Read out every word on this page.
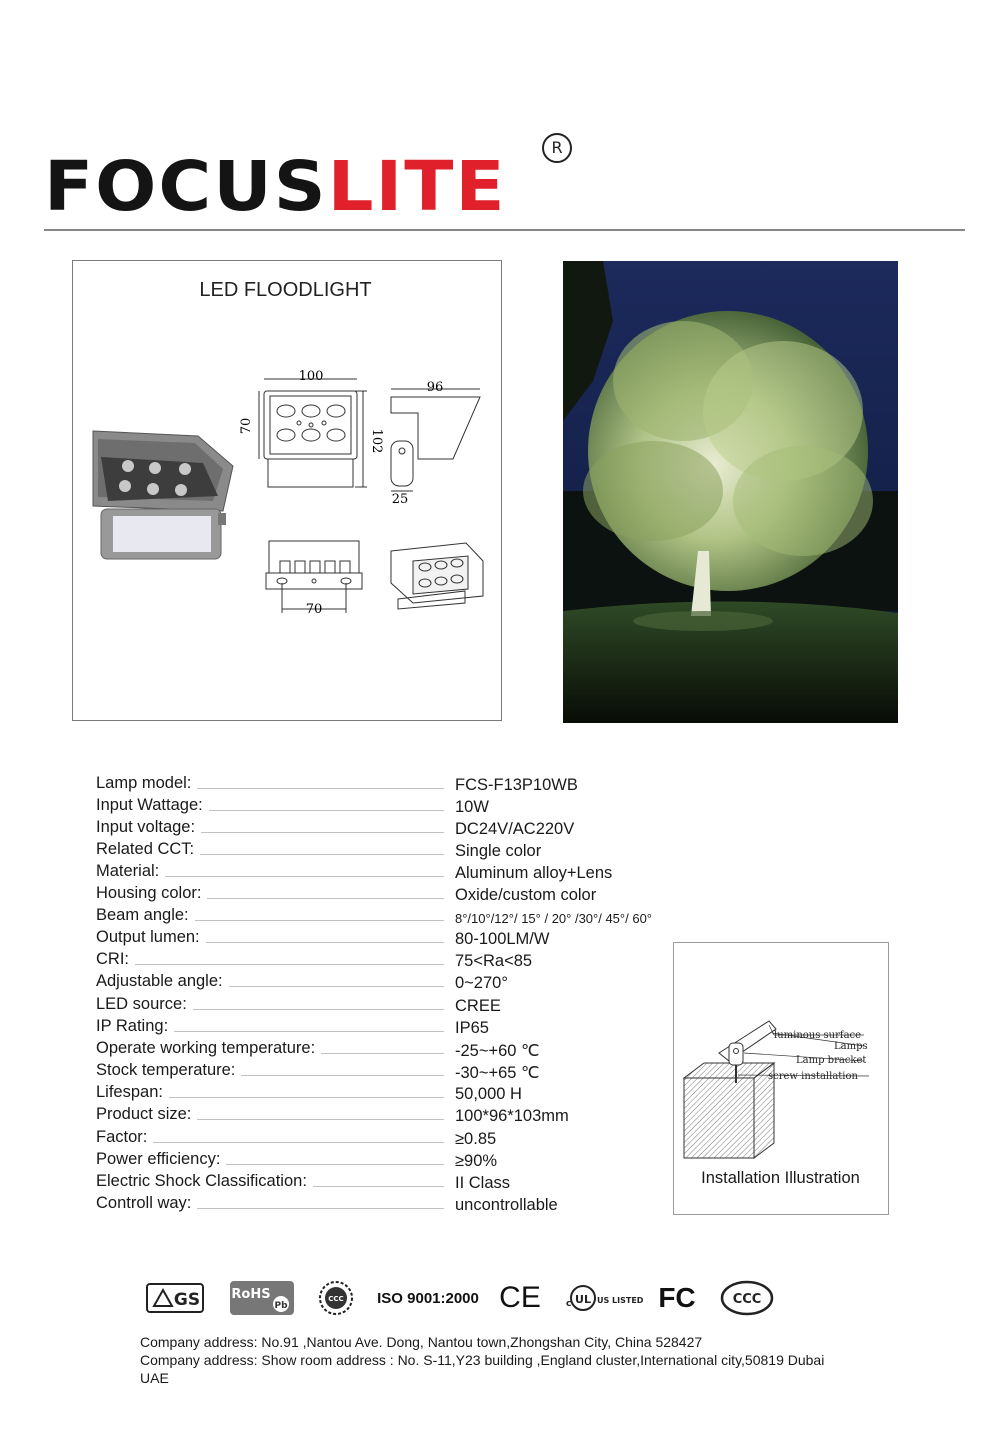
FOCUSLITE	R
LED FLOODLIGHT
100
70
102
96
25
70
Lamp model:	FCS-F13P10WB
Input Wattage:	10W
Input voltage:	DC24V/AC220V
Related CCT:	Single color
Material:	Aluminum alloy+Lens
Housing color:	Oxide/custom color
Beam angle:	8°/10°/12°/ 15° / 20° /30°/ 45°/ 60°
Output lumen:	80-100LM/W
CRI:	75<Ra<85
Adjustable angle:	0~270°
LED source:	CREE
IP Rating:	IP65
Operate working temperature:	-25~+60 ℃
Stock temperature:	-30~+65 ℃
Lifespan:	50,000 H
Product size:	100*96*103mm
Factor:	≥0.85
Power efficiency:	≥90%
Electric Shock Classification:	II Class
Controll way:	uncontrollable
luminous surface
Lamps
Lamp bracket
screw installation
Installation Illustration
GS RoHS
Pb
CCC ISO 9001:2000 CE	c UL US LISTED FC	CCC
Company address: No.91 ,Nantou Ave. Dong, Nantou town,Zhongshan City, China 528427
Company address: Show room address : No. S-11,Y23 building ,England cluster,International city,50819 Dubai
UAE
